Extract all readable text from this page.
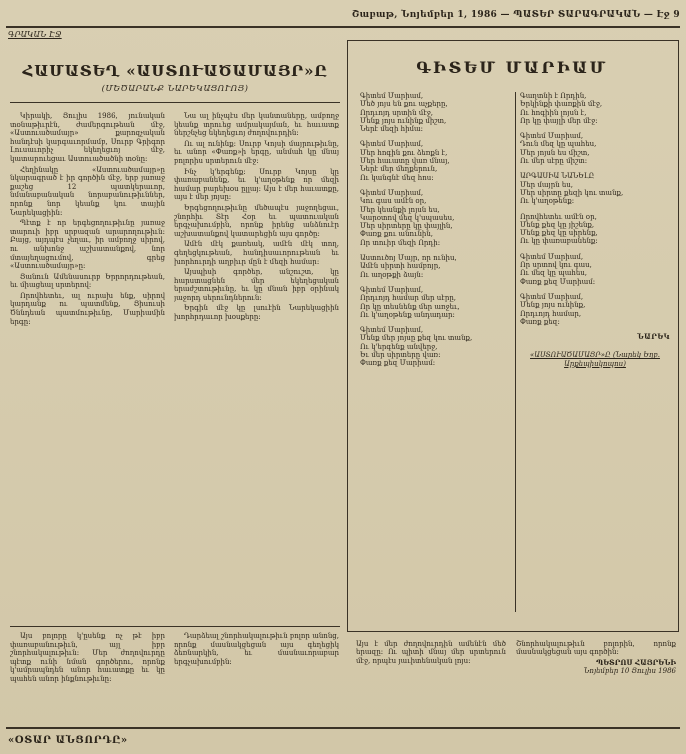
Շաբաթ, Նոյեմբեր 1, 1986 — ՊԱՏԵՐ ՏԱՐԱԳՐԱԿԱՆ — Էջ 9
ԳՐԱԿԱՆ ԷՋ
ՀԱՄԱՏԵՂ «ԱՍՏՈՒԱԾԱՄԱՅՐ»Ը
(ՄԵԾԱՐԱՆՔ ՆԱՐԵԿԱՑՈՒՈՅ)

Կիրակի, Յուլիս 1986, յունական տօնաթիւրէն, ժամերգութեան մէջ, «Աստուածամայր» քարոզչական հանդէսի կարգաւորմամբ, Սուրբ Գրիգոր Լուսաւորիչ եկեղեցւոյ մէջ, կատարուեցաւ Աստուածածնի տօնը։

Հեղինակը «Աստուածամայր»ը նկարագրած է իր գործին մէջ, երբ յառաջ քաշեց 12 պատկերաւոր, նմանաբանական նորաբանութիւններ, որոնք նոր կեանք կու տային Նարեկացիին։

Պէտք է որ երգեցողութիւնը յառաջ տարուի իբր սրբազան արարողութիւն։ Բայց, այդպէս չեղաւ, իր ամբողջ սիրով, ու անխոնջ աշխատանքով, նոր մտայեղացումով, գրեց «Աստուածամայր»ը։

Յանուն Ամենասուրբ Երրորդութեան, եւ միացեալ սրտերով։

Որովհետեւ, ալ ուրախ ենք, սիրով կարդանք ու պատմենք, Յիսուսի Ծննդեան պատմութիւնը, Մարիամին երգը։

Նա ալ ինչպէս մեր կանտաները, ամբողջ կեանք տրուեց ամրակայման, եւ հաւատք ներշնչեց եկեղեցւոյ ժողովուրդին։

Ու ալ ունինք։ Սուրբ Կոյսի մայրութիւնը, եւ անոր «Փառք»ի երգը, անմահ կը մնայ բոլորիս սրտերուն մէջ։

Ինչ կ'երգենք։ Սուրբ Կոյսը կը փառաբանենք, եւ կ'աղօթենք որ մեզի համար բարեխօս ըլլայ։ Այս է մեր հաւատքը, այս է մեր յոյսը։

Երգեցողութիւնը մեծապէս յաջողեցաւ, շնորհիւ Տէր Հօր եւ պատուական երգչախումբին, որոնք իրենց անձնուէր աշխատանքով կատարեցին այս գործը։

Ամէն մէկ քառեակ, ամէն մէկ տող, գեղեցկութեան, հանդիսաւորութեան եւ խորհուրդի աղբիւր մըն է մեզի համար։

Այսպիսի գործեր, անշուշտ, կը հարստացնեն մեր եկեղեցական երաժշտութիւնը, եւ կը մնան իբր օրինակ յաջորդ սերունդներուն։

Երգին մէջ կը լսուէին Նարեկացիին խորհրդաւոր խօսքերը։

Այս բոլորը կ'ըսենք ոչ թէ իբր փառաբանութիւն, այլ իբր շնորհակալութիւն։ Մեր ժողովուրդը պէտք ունի նման գործերու, որոնք կ'ամրապնդեն անոր հաւատքը եւ կը պահեն անոր ինքնութիւնը։

Դարձեալ շնորհակալութիւն բոլոր անոնց, որոնք մասնակցեցան այս գեղեցիկ ձեռնարկին, եւ մասնաւորաբար երգչախումբին։

ԳԻՏԵՄ ՄԱՐԻԱՄ
Գիտեմ Մարիամ,
Մեծ յոյս են քու աչքերը,
Որդւոյդ սրտին մէջ,
Մենք յոյս ունինք միշտ,
Ներէ մեզի հիմա։
Գիտեմ Մարիամ,
Մեր հոգին քու ձեռքն է,
Մեր հաւատը վառ մնայ,
Ներէ մեր մեղքերուն,
Ու կանգնէ մեզ հոս։
Գիտեմ Մարիամ,
Կու գաս ամէն օր,
Մեր կեանքի լոյսն ես,
Կարօտով մեզ կ'սպասես,
Մեր սիրտերը կը փայլին,
Փառք քու անունին,
Որ տուիր մեզի Որդի։
Աստուծոյ Մայր, որ ունիս,
Ամէն սիրտի համբոյր,
Ու աղօթքի ձայն։
Գիտեմ Մարիամ,
Որդւոյդ համար մեր սէրը,
Որ կը տեսնենք մեր առջեւ,
Ու կ'աղօթենք անդադար։
Գիտեմ Մարիամ,
Մենք մեր յոյսը քեզ կու տանք,
Ու կ'երգենք անվերջ,
Եւ մեր սիրտերը վառ։
Փառք քեզ Մարիամ։
Գաղտնի է Որդին,
Երկինքի փառքին մէջ,
Ու հոգիին լոյսն է,
Որ կը փայլի մեր մէջ։
Գիտեմ Մարիամ,
Դուն մեզ կը պահես,
Մեր յոյսն ես միշտ,
Ու մեր սէրը միշտ։
ԱՐԳԱՍԻԱ ՆԱՆԵԼԸ
Մեր մայրն ես,
Մեր սիրտը քեզի կու տանք,
Ու կ'աղօթենք։
Որովհետեւ ամէն օր,
Մենք քեզ կը յիշենք,
Մենք քեզ կը սիրենք,
Ու կը փառաբանենք։
Գիտեմ Մարիամ,
Որ սրտով կու գաս,
Ու մեզ կը պահես,
Փառք քեզ Մարիամ։
Գիտեմ Մարիամ,
Մենք յոյս ունինք,
Որդւոյդ համար,
Փառք քեզ։
ՆԱՐԵԿ
«ԱՍՏՈՒԱԾԱՄԱՅՐ»Ը (Նարեկ Եղբ. Արքեպիսկոպոս)
Այս է մեր ժողովուրդին ամենէն մեծ երազը։ Ու պիտի մնայ մեր սրտերուն մէջ, որպէս յաւիտենական լոյս։
Շնորհակալութիւն բոլորին, որոնք մասնակցեցան այս գործին։
ՊԵՏՐՈՍ ՀԱՅՐԵՆԻ
Նոյեմբեր 10 Յուլիս 1986
«ՕՏԱՐ ԱՆՑՈՐԴԸ»
